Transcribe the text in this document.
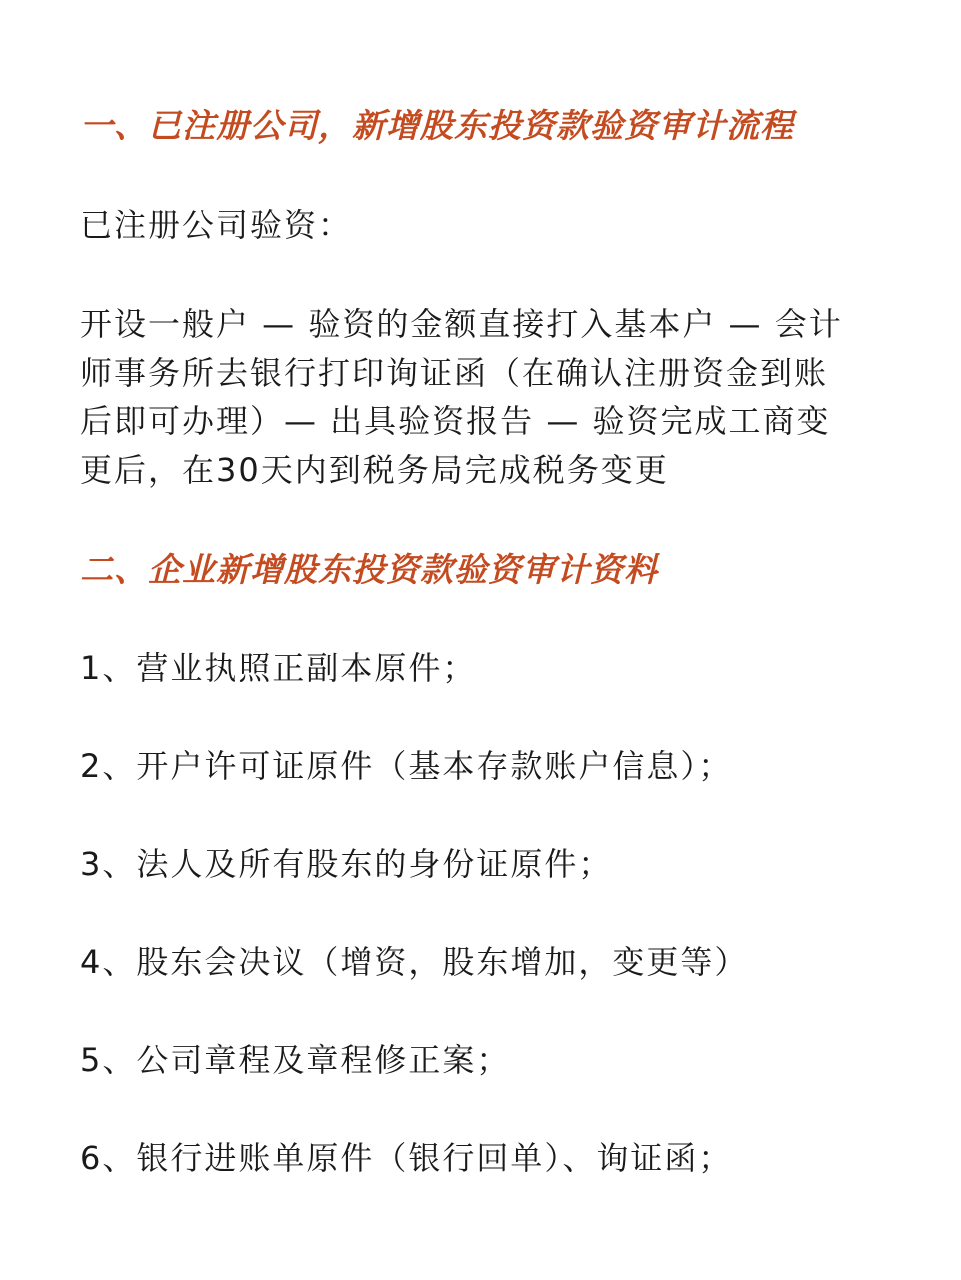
一、已注册公司，新增股东投资款验资审计流程
已注册公司验资：
开设一般户 — 验资的金额直接打入基本户 — 会计
师事务所去银行打印询证函（在确认注册资金到账
后即可办理）— 出具验资报告 — 验资完成工商变
更后，在30天内到税务局完成税务变更
二、企业新增股东投资款验资审计资料
1、营业执照正副本原件；
2、开户许可证原件（基本存款账户信息）；
3、法人及所有股东的身份证原件；
4、股东会决议（增资，股东增加，变更等）
5、公司章程及章程修正案；
6、银行进账单原件（银行回单）、询证函；
